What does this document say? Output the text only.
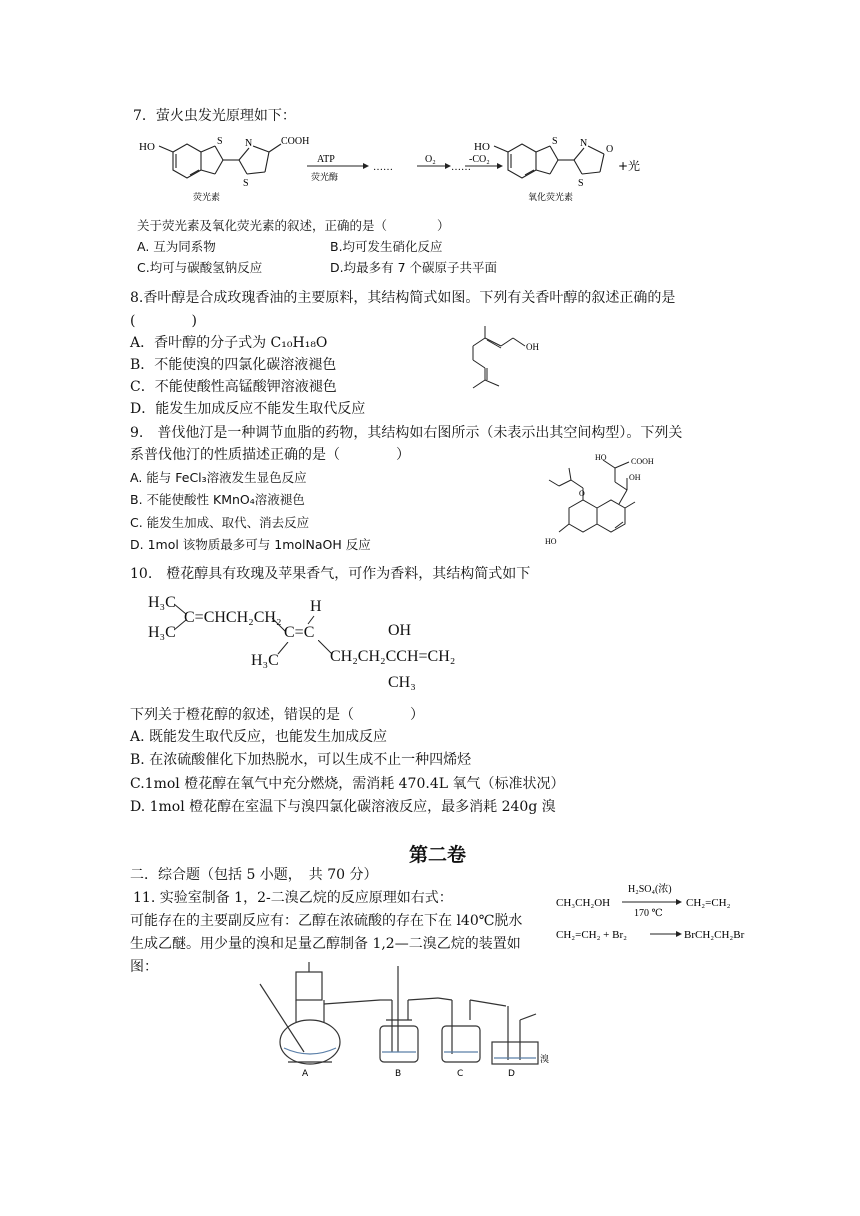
7．萤火虫发光原理如下：
HO	S N	COOH
S
荧光素
ATP
荧光酶
……
O₂
……
-CO₂
HO	S N
O
S
+光
氧化荧光素
关于荧光素及氧化荧光素的叙述，正确的是（　　　　）
A. 互为同系物	B.均可发生硝化反应
C.均可与碳酸氢钠反应	D.均最多有 7 个碳原子共平面
8.香叶醇是合成玫瑰香油的主要原料，其结构简式如图。下列有关香叶醇的叙述正确的是
(　　　　)
A．香叶醇的分子式为 C₁₀H₁₈O
B．不能使溴的四氯化碳溶液褪色
C．不能使酸性高锰酸钾溶液褪色
D．能发生加成反应不能发生取代反应
OH
9.　普伐他汀是一种调节血脂的药物，其结构如右图所示（未表示出其空间构型）。下列关
系普伐他汀的性质描述正确的是（　　　　）
A. 能与 FeCl₃溶液发生显色反应
B. 不能使酸性 KMnO₄溶液褪色
C. 能发生加成、取代、消去反应
D. 1mol 该物质最多可与 1molNaOH 反应
HO	COOH
OH
O
HO
10.　橙花醇具有玫瑰及苹果香气，可作为香料，其结构简式如下
H₃C
H₃C
C=CHCH₂CH₂
H
C=C
H₃C
OH
CH₂CH₂CCH=CH₂
CH₃
下列关于橙花醇的叙述，错误的是（　　　　）
A. 既能发生取代反应，也能发生加成反应
B. 在浓硫酸催化下加热脱水，可以生成不止一种四烯烃
C.1mol 橙花醇在氧气中充分燃烧，需消耗 470.4L 氧气（标准状况）
D. 1mol 橙花醇在室温下与溴四氯化碳溶液反应，最多消耗 240g 溴
第二卷
二．综合题（包括 5 小题，　共 70 分）
11. 实验室制备 1，2-二溴乙烷的反应原理如右式：
可能存在的主要副反应有：乙醇在浓硫酸的存在下在 l40℃脱水
生成乙醚。用少量的溴和足量乙醇制备 1,2—二溴乙烷的装置如
图：
CH₃CH₂OH
H₂SO₄(浓)
170 ℃
CH₂=CH₂
CH₂=CH₂ + Br₂	BrCH₂CH₂Br
A	B	C	D
溴
